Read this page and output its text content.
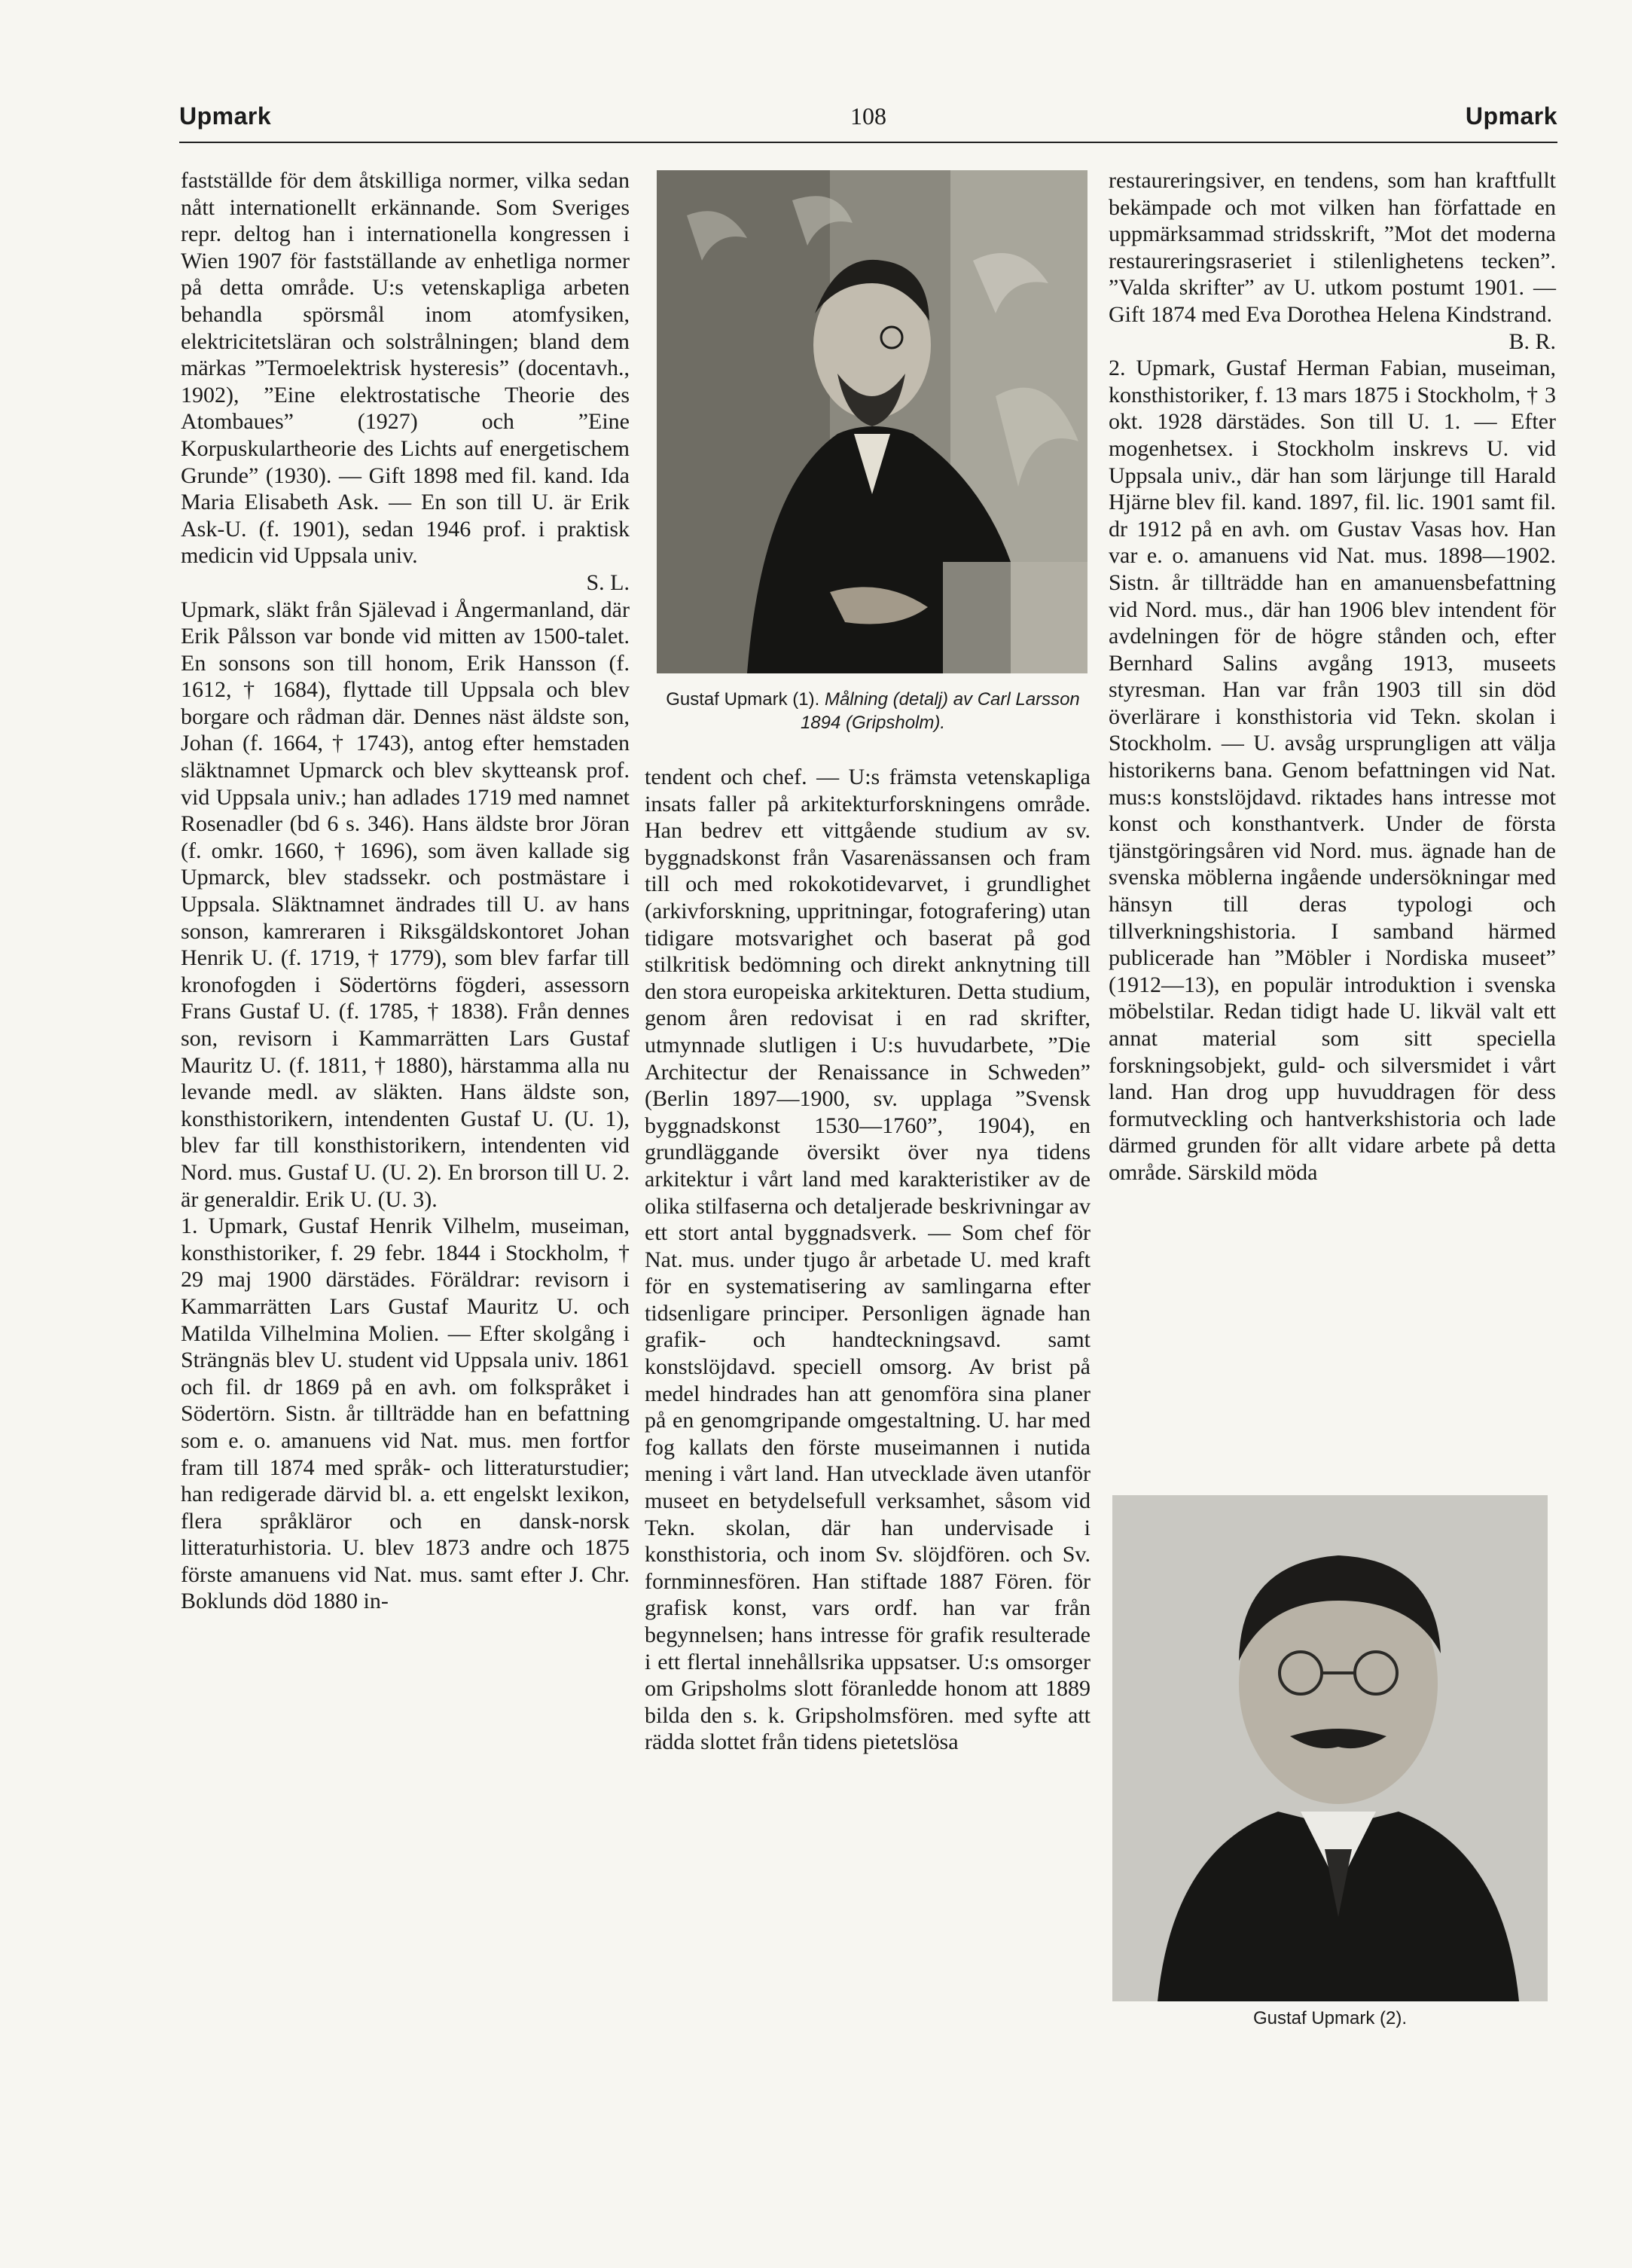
Upmark	108	Upmark

fastställde för dem åtskilliga normer, vilka sedan nått internationellt erkännande. Som Sveriges repr. deltog han i internationella kongressen i Wien 1907 för fastställande av enhetliga normer på detta område. U:s vetenskapliga arbeten behandla spörsmål inom atomfysiken, elektricitetsläran och solstrålningen; bland dem märkas ”Termoelektrisk hysteresis” (docentavh., 1902), ”Eine elektrostatische Theorie des Atombaues” (1927) och ”Eine Korpuskulartheorie des Lichts auf energetischem Grunde” (1930). — Gift 1898 med fil. kand. Ida Maria Elisabeth Ask. — En son till U. är Erik Ask-U. (f. 1901), sedan 1946 prof. i praktisk medicin vid Uppsala univ.

S. L.

Upmark, släkt från Själevad i Ångermanland, där Erik Pålsson var bonde vid mitten av 1500-talet. En sonsons son till honom, Erik Hansson (f. 1612, † 1684), flyttade till Uppsala och blev borgare och rådman där. Dennes näst äldste son, Johan (f. 1664, † 1743), antog efter hemstaden släktnamnet Upmarck och blev skytteansk prof. vid Uppsala univ.; han adlades 1719 med namnet Rosenadler (bd 6 s. 346). Hans äldste bror Jöran (f. omkr. 1660, † 1696), som även kallade sig Upmarck, blev stadssekr. och postmästare i Uppsala. Släktnamnet ändrades till U. av hans sonson, kamreraren i Riksgäldskontoret Johan Henrik U. (f. 1719, † 1779), som blev farfar till kronofogden i Södertörns fögderi, assessorn Frans Gustaf U. (f. 1785, † 1838). Från dennes son, revisorn i Kammarrätten Lars Gustaf Mauritz U. (f. 1811, † 1880), härstamma alla nu levande medl. av släkten. Hans äldste son, konsthistorikern, intendenten Gustaf U. (U. 1), blev far till konsthistorikern, intendenten vid Nord. mus. Gustaf U. (U. 2). En brorson till U. 2. är generaldir. Erik U. (U. 3).

1. Upmark, Gustaf Henrik Vilhelm, museiman, konsthistoriker, f. 29 febr. 1844 i Stockholm, † 29 maj 1900 därstädes. Föräldrar: revisorn i Kammarrätten Lars Gustaf Mauritz U. och Matilda Vilhelmina Molien. — Efter skolgång i Strängnäs blev U. student vid Uppsala univ. 1861 och fil. dr 1869 på en avh. om folkspråket i Södertörn. Sistn. år tillträdde han en befattning som e. o. amanuens vid Nat. mus. men fortfor fram till 1874 med språk- och litteraturstudier; han redigerade därvid bl. a. ett engelskt lexikon, flera språkläror och en dansk-norsk litteraturhistoria. U. blev 1873 andre och 1875 förste amanuens vid Nat. mus. samt efter J. Chr. Boklunds död 1880 in-

Gustaf Upmark (1). Målning (detalj) av Carl Larsson 1894 (Gripsholm).

tendent och chef. — U:s främsta vetenskapliga insats faller på arkitekturforskningens område. Han bedrev ett vittgående studium av sv. byggnadskonst från Vasarenässansen och fram till och med rokokotidevarvet, i grundlighet (arkivforskning, uppritningar, fotografering) utan tidigare motsvarighet och baserat på god stilkritisk bedömning och direkt anknytning till den stora europeiska arkitekturen. Detta studium, genom åren redovisat i en rad skrifter, utmynnade slutligen i U:s huvudarbete, ”Die Architectur der Renaissance in Schweden” (Berlin 1897—1900, sv. upplaga ”Svensk byggnadskonst 1530—1760”, 1904), en grundläggande översikt över nya tidens arkitektur i vårt land med karakteristiker av de olika stilfaserna och detaljerade beskrivningar av ett stort antal byggnadsverk. — Som chef för Nat. mus. under tjugo år arbetade U. med kraft för en systematisering av samlingarna efter tidsenligare principer. Personligen ägnade han grafik- och handteckningsavd. samt konstslöjdavd. speciell omsorg. Av brist på medel hindrades han att genomföra sina planer på en genomgripande omgestaltning. U. har med fog kallats den förste museimannen i nutida mening i vårt land. Han utvecklade även utanför museet en betydelsefull verksamhet, såsom vid Tekn. skolan, där han undervisade i konsthistoria, och inom Sv. slöjdfören. och Sv. fornminnesfören. Han stiftade 1887 Fören. för grafisk konst, vars ordf. han var från begynnelsen; hans intresse för grafik resulterade i ett flertal innehållsrika uppsatser. U:s omsorger om Gripsholms slott föranledde honom att 1889 bilda den s. k. Gripsholmsfören. med syfte att rädda slottet från tidens pietetslösa

restaureringsiver, en tendens, som han kraftfullt bekämpade och mot vilken han författade en uppmärksammad stridsskrift, ”Mot det moderna restaureringsraseriet i stilenlighetens tecken”. ”Valda skrifter” av U. utkom postumt 1901. — Gift 1874 med Eva Dorothea Helena Kindstrand.

B. R.

2. Upmark, Gustaf Herman Fabian, museiman, konsthistoriker, f. 13 mars 1875 i Stockholm, † 3 okt. 1928 därstädes. Son till U. 1. — Efter mogenhetsex. i Stockholm inskrevs U. vid Uppsala univ., där han som lärjunge till Harald Hjärne blev fil. kand. 1897, fil. lic. 1901 samt fil. dr 1912 på en avh. om Gustav Vasas hov. Han var e. o. amanuens vid Nat. mus. 1898—1902. Sistn. år tillträdde han en amanuensbefattning vid Nord. mus., där han 1906 blev intendent för avdelningen för de högre stånden och, efter Bernhard Salins avgång 1913, museets styresman. Han var från 1903 till sin död överlärare i konsthistoria vid Tekn. skolan i Stockholm. — U. avsåg ursprungligen att välja historikerns bana. Genom befattningen vid Nat. mus:s konstslöjdavd. riktades hans intresse mot konst och konsthantverk. Under de första tjänstgöringsåren vid Nord. mus. ägnade han de svenska möblerna ingående undersökningar med hänsyn till deras typologi och tillverkningshistoria. I samband härmed publicerade han ”Möbler i Nordiska museet” (1912—13), en populär introduktion i svenska möbelstilar. Redan tidigt hade U. likväl valt ett annat material som sitt speciella forskningsobjekt, guld- och silversmidet i vårt land. Han drog upp huvuddragen för dess formutveckling och hantverkshistoria och lade därmed grunden för allt vidare arbete på detta område. Särskild möda

Gustaf Upmark (2).
